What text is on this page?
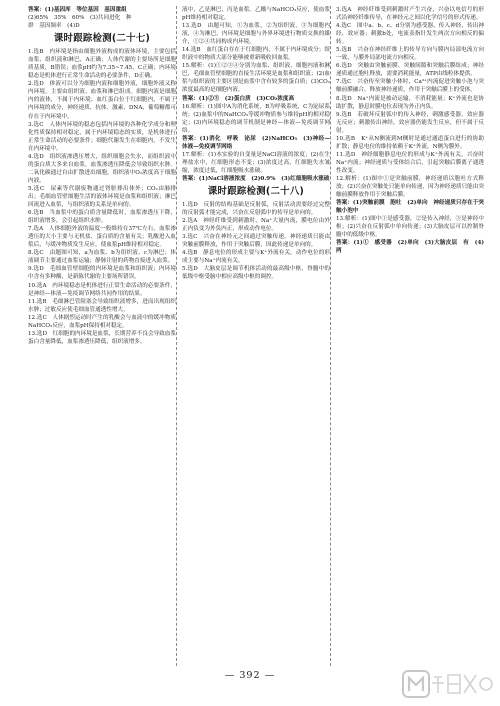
答案：(1)基因库　等位基因　基因重组
(2)65%　35%　60%　(3)共同进化　种
群　基因频率　(4)D
课时跟踪检测(二十七)
1.选B　内环境是指由细胞外液构成的液体环境，主要包括血浆、组织液和淋巴，A正确；人体代谢的主要场所是细胞质基质，B错误；血浆pH约为7.35~7.45，C正确；内环境稳态是机体进行正常生命活动的必要条件，D正确。
2.选D　体液可以分为细胞内液和细胞外液，细胞外液又称内环境，主要由组织液、血浆和淋巴组成。细胞内液是细胞内的液体，不属于内环境；血红蛋白位于红细胞内，不属于内环境的成分，神经递质、抗体、激素、DNA、葡萄糖都可存在于内环境中。
3.选C　人体内环境的稳态包括内环境的各种化学成分和理化性质保持相对稳定，属于内环境稳态的实质，是机体进行正常生命活动的必要条件；细胞代谢发生在细胞内，不发生在内环境中。
4.选D　组织液渗透压增大，组织细胞会失水，而组织液中的蛋白质大多来自血浆，血浆渗透压降低会导致组织水肿。二氧化碳通过自由扩散进出细胞，组织液中O₂浓度高于细胞内液。
5.选C　尿素等代谢废物通过肾脏排出体外；CO₂由肺排出；毛细血管壁细胞生活的液体环境是血浆和组织液；淋巴回流进入血浆，与组织液的关系是单向的。
6.选B　当血浆中的蛋白质含量降低时，血浆渗透压下降，组织液增多，会引起组织水肿。
7.选A　人体细胞外液的温度一般维持在37℃左右，血浆渗透压的大小主要与无机盐、蛋白质的含量有关；乳酸进入血浆后，与缓冲物质发生反应，使血浆pH维持相对稳定。
8.选C　由题图可知，a为血浆、b为组织液、c为淋巴；体液调节主要通过血浆运输；静脉注射的药物直接进入血浆。
9.选D　毛细血管壁细胞的内环境是血浆和组织液；内环境中含有多种酶，是新陈代谢的主要场所错误。
10.选A　内环境稳态是机体进行正常生命活动的必要条件，是神经—体液—免疫调节网络共同作用的结果。
11.选B　毛细淋巴管阻塞会导致组织液增多，进而出现组织水肿；过敏反应使毛细血管通透性增大。
12.选C　人体剧烈运动时产生的乳酸会与血液中的缓冲物质NaHCO₃反应，血浆pH保持相对稳定。
13.选D　红细胞的内环境是血浆，长期营养不良会导致血浆蛋白含量降低，血浆渗透压降低，组织液增多。
液中，乙是淋巴，丙是血浆。乙酸与NaHCO₃反应，使血浆pH维持相对稳定。
13.选D　由题可知，①为血浆，②为组织液，③为细胞内液，④为淋巴。内环境是细胞与外界环境进行物质交换的媒介，①②④共同构成内环境。
14.选B　血红蛋白存在于红细胞内，不属于内环境成分；组织液中的物质大部分能够被重新吸收回血浆。
15.解析：(1)①②③④分别为血浆、组织液、细胞内液和淋巴，毛细血管壁细胞的直接生活环境是血浆和组织液；(2)血浆与组织液的主要区别是血浆中含有较多的蛋白质；(3)CO₂浓度最高的是细胞内液。
答案：(1)②③　(2)蛋白质　(3)CO₂浓度高
16.解析：(1)图中A为消化系统，B为呼吸系统，C为泌尿系统；(2)血浆中的NaHCO₃等缓冲物质参与维持pH的相对稳定；(3)内环境稳态的调节机制是神经—体液—免疫调节网络。
答案：(1)消化　呼吸　泌尿　(2)NaHCO₃　(3)神经—体液—免疫调节网络
17.解析：(1)本实验的自变量是NaCl溶液的浓度；(2)在生理盐水中，红细胞形态不变；(3)浓度过高，红细胞失水皱缩，浓度过低，红细胞吸水涨破。
答案：(1)NaCl溶液浓度　(2)0.9%　(3)红细胞吸水涨破
课时跟踪检测(二十八)
1.选D　反射的结构基础是反射弧，反射活动需要经过完整的反射弧才能完成，兴奋在反射弧中的传导是单向的。
2.选A　神经纤维受到刺激时，Na⁺大量内流，膜电位由外正内负变为外负内正，形成动作电位。
3.选C　兴奋在神经元之间通过突触传递，神经递质只能由突触前膜释放，作用于突触后膜，因此传递是单向的。
4.选B　静息电位的形成主要与K⁺外流有关，动作电位的形成主要与Na⁺内流有关。
5.选D　大脑皮层是调节机体活动的最高级中枢，脊髓中的低级中枢受脑中相应高级中枢的调控。
3.选A　神经纤维受到刺激时产生兴奋，兴奋以电信号的形式沿神经纤维传导，在神经元之间以化学信号的形式传递。
4.选C　图中a、b、c、d分别为感受器、传入神经、传出神经、效应器；刺激b处，电流表指针发生两次方向相反的偏转。
5.选B　兴奋在神经纤维上的传导方向与膜内局部电流方向一致，与膜外局部电流方向相反。
6.选D　突触由突触前膜、突触间隙和突触后膜组成；神经递质通过胞吐释放，需要消耗能量，ATP由线粒体提供。
7.选C　兴奋传至突触小体时，Ca²⁺内流促进突触小泡与突触前膜融合，释放神经递质，作用于突触后膜上的受体。
8.选D　Na⁺内流是被动运输，不消耗能量；K⁺外流也是协助扩散，静息时膜电位表现为外正内负。
9.选B　若破坏反射弧中的传入神经，刺激感受器，效应器无反应；刺激传出神经，效应器仍能发生反应，但不属于反射。
10.选B　K⁺从N侧流到M侧时是通过通道蛋白进行的协助扩散；静息电位的维持依赖于K⁺外流，N侧为膜外。
11.选D　神经细胞静息电位的形成与K⁺外流有关，兴奋时Na⁺内流；神经递质与受体结合后，引起突触后膜离子通透性改变。
12.解析：(1)图中①是突触前膜，神经递质以胞吐方式释放；(2)兴奋在突触处只能单向传递，因为神经递质只能由突触前膜释放作用于突触后膜。
答案：(1)突触前膜　胞吐　(2)单向　神经递质只存在于突触小泡中
13.解析：(1)图中①是感受器，②是传入神经，③是神经中枢；(2)兴奋在反射弧中单向传递；(3)大脑皮层可以控制脊髓中的低级中枢。
答案：(1)①　感受器　(2)单向　(3)大脑皮层　有　(4)两
— 392 —
